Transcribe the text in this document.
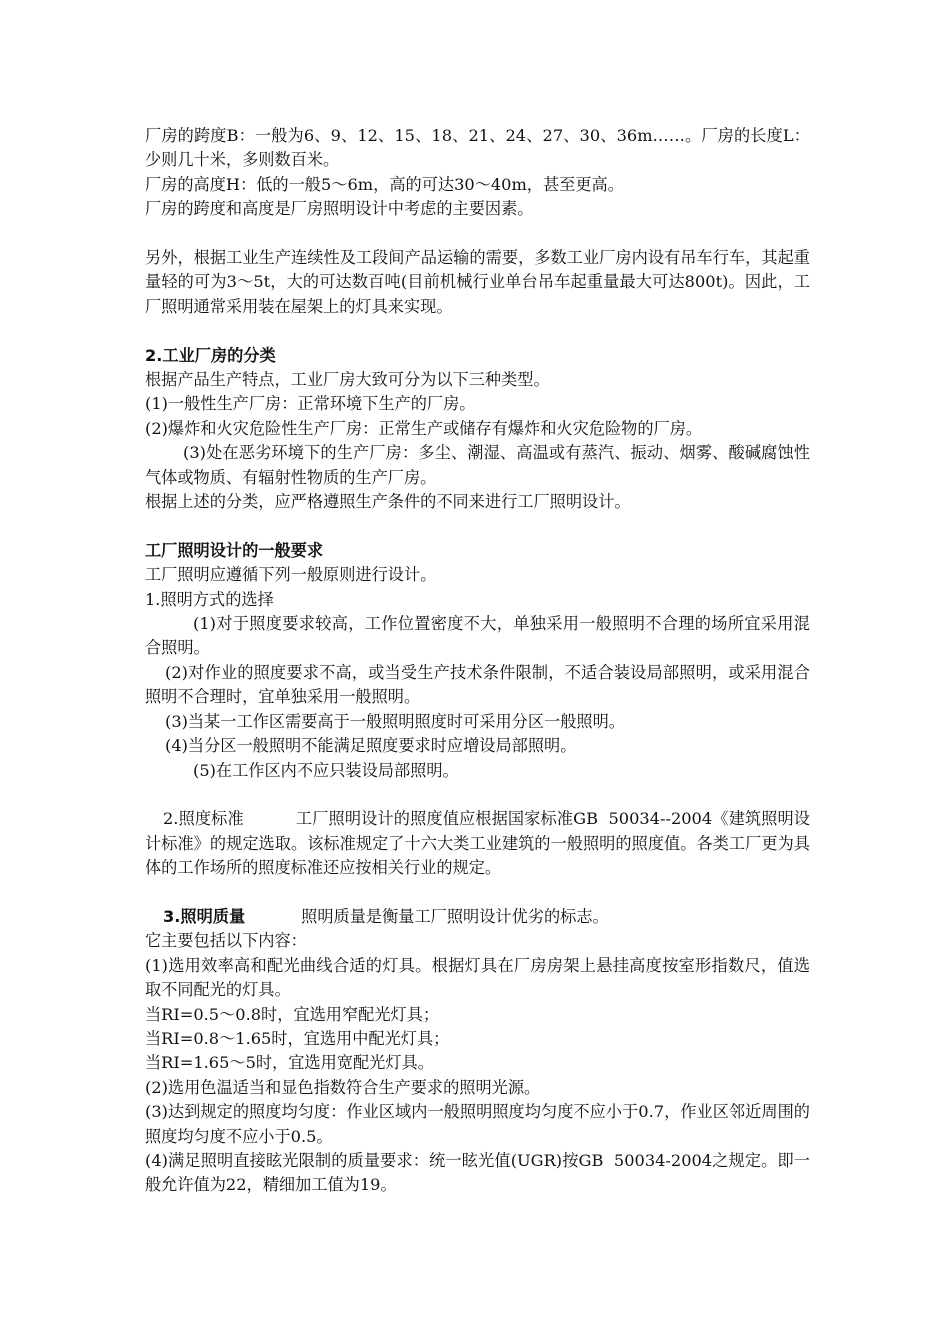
厂房的跨度B：一般为6、9、12、15、18、21、24、27、30、36m……。厂房的长度L：少则几十米，多则数百米。

厂房的高度H：低的一般5～6m，高的可达30～40m，甚至更高。

厂房的跨度和高度是厂房照明设计中考虑的主要因素。

另外，根据工业生产连续性及工段间产品运输的需要，多数工业厂房内设有吊车行车，其起重量轻的可为3～5t，大的可达数百吨(目前机械行业单台吊车起重量最大可达800t)。因此，工厂照明通常采用装在屋架上的灯具来实现。

2.工业厂房的分类

根据产品生产特点，工业厂房大致可分为以下三种类型。

(1)一般性生产厂房：正常环境下生产的厂房。

(2)爆炸和火灾危险性生产厂房：正常生产或储存有爆炸和火灾危险物的厂房。

(3)处在恶劣环境下的生产厂房：多尘、潮湿、高温或有蒸汽、振动、烟雾、酸碱腐蚀性气体或物质、有辐射性物质的生产厂房。

根据上述的分类，应严格遵照生产条件的不同来进行工厂照明设计。

工厂照明设计的一般要求

工厂照明应遵循下列一般原则进行设计。

1.照明方式的选择

(1)对于照度要求较高，工作位置密度不大，单独采用一般照明不合理的场所宜采用混合照明。

(2)对作业的照度要求不高，或当受生产技术条件限制，不适合装设局部照明，或采用混合照明不合理时，宜单独采用一般照明。

(3)当某一工作区需要高于一般照明照度时可采用分区一般照明。

(4)当分区一般照明不能满足照度要求时应增设局部照明。

(5)在工作区内不应只装设局部照明。

2.照度标准	工厂照明设计的照度值应根据国家标准GB  50034--2004《建筑照明设计标准》的规定选取。该标准规定了十六大类工业建筑的一般照明的照度值。各类工厂更为具体的工作场所的照度标准还应按相关行业的规定。

3.照明质量	照明质量是衡量工厂照明设计优劣的标志。

它主要包括以下内容：

(1)选用效率高和配光曲线合适的灯具。根据灯具在厂房房架上悬挂高度按室形指数尺，值选取不同配光的灯具。

当RI=0.5～0.8时，宜选用窄配光灯具；

当RI=0.8～1.65时，宜选用中配光灯具；

当RI=1.65～5时，宜选用宽配光灯具。

(2)选用色温适当和显色指数符合生产要求的照明光源。

(3)达到规定的照度均匀度：作业区域内一般照明照度均匀度不应小于0.7，作业区邻近周围的照度均匀度不应小于0.5。

(4)满足照明直接眩光限制的质量要求：统一眩光值(UGR)按GB  50034-2004之规定。即一般允许值为22，精细加工值为19。
